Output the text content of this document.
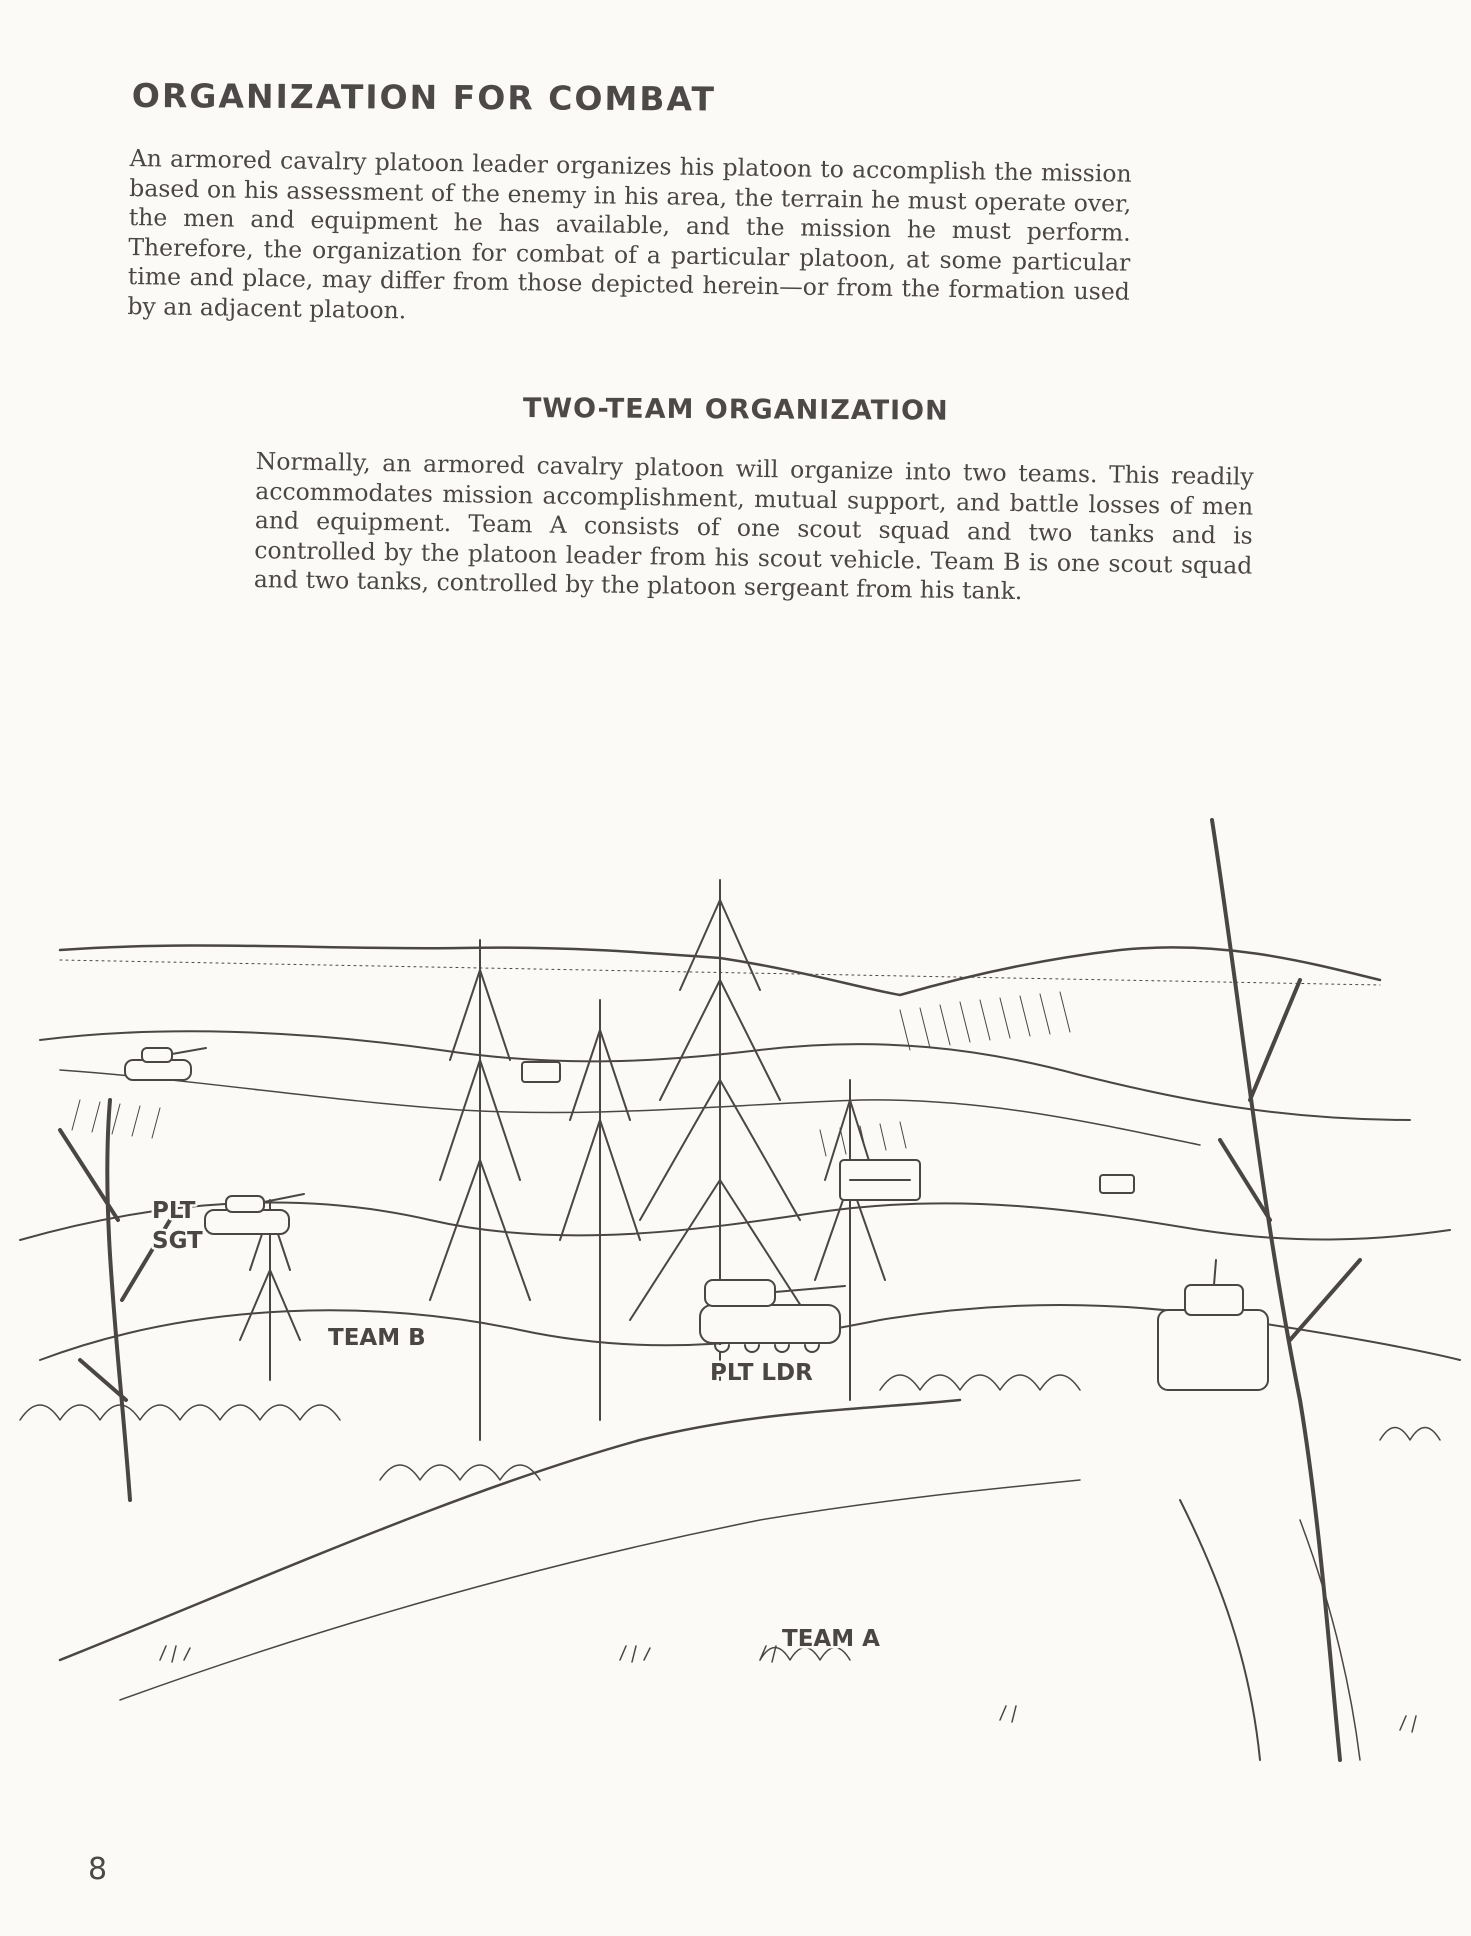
ORGANIZATION FOR COMBAT

An armored cavalry platoon leader organizes his platoon to accomplish the mission based on his assessment of the enemy in his area, the terrain he must operate over, the men and equipment he has available, and the mission he must perform. Therefore, the organization for combat of a particular platoon, at some particular time and place, may differ from those depicted herein—or from the formation used by an adjacent platoon.

TWO-TEAM ORGANIZATION

Normally, an armored cavalry platoon will organize into two teams. This readily accommodates mission accomplishment, mutual support, and battle losses of men and equipment. Team A consists of one scout squad and two tanks and is controlled by the platoon leader from his scout vehicle. Team B is one scout squad and two tanks, controlled by the platoon sergeant from his tank.

PLT
SGT
TEAM B
PLT LDR
TEAM A
8
